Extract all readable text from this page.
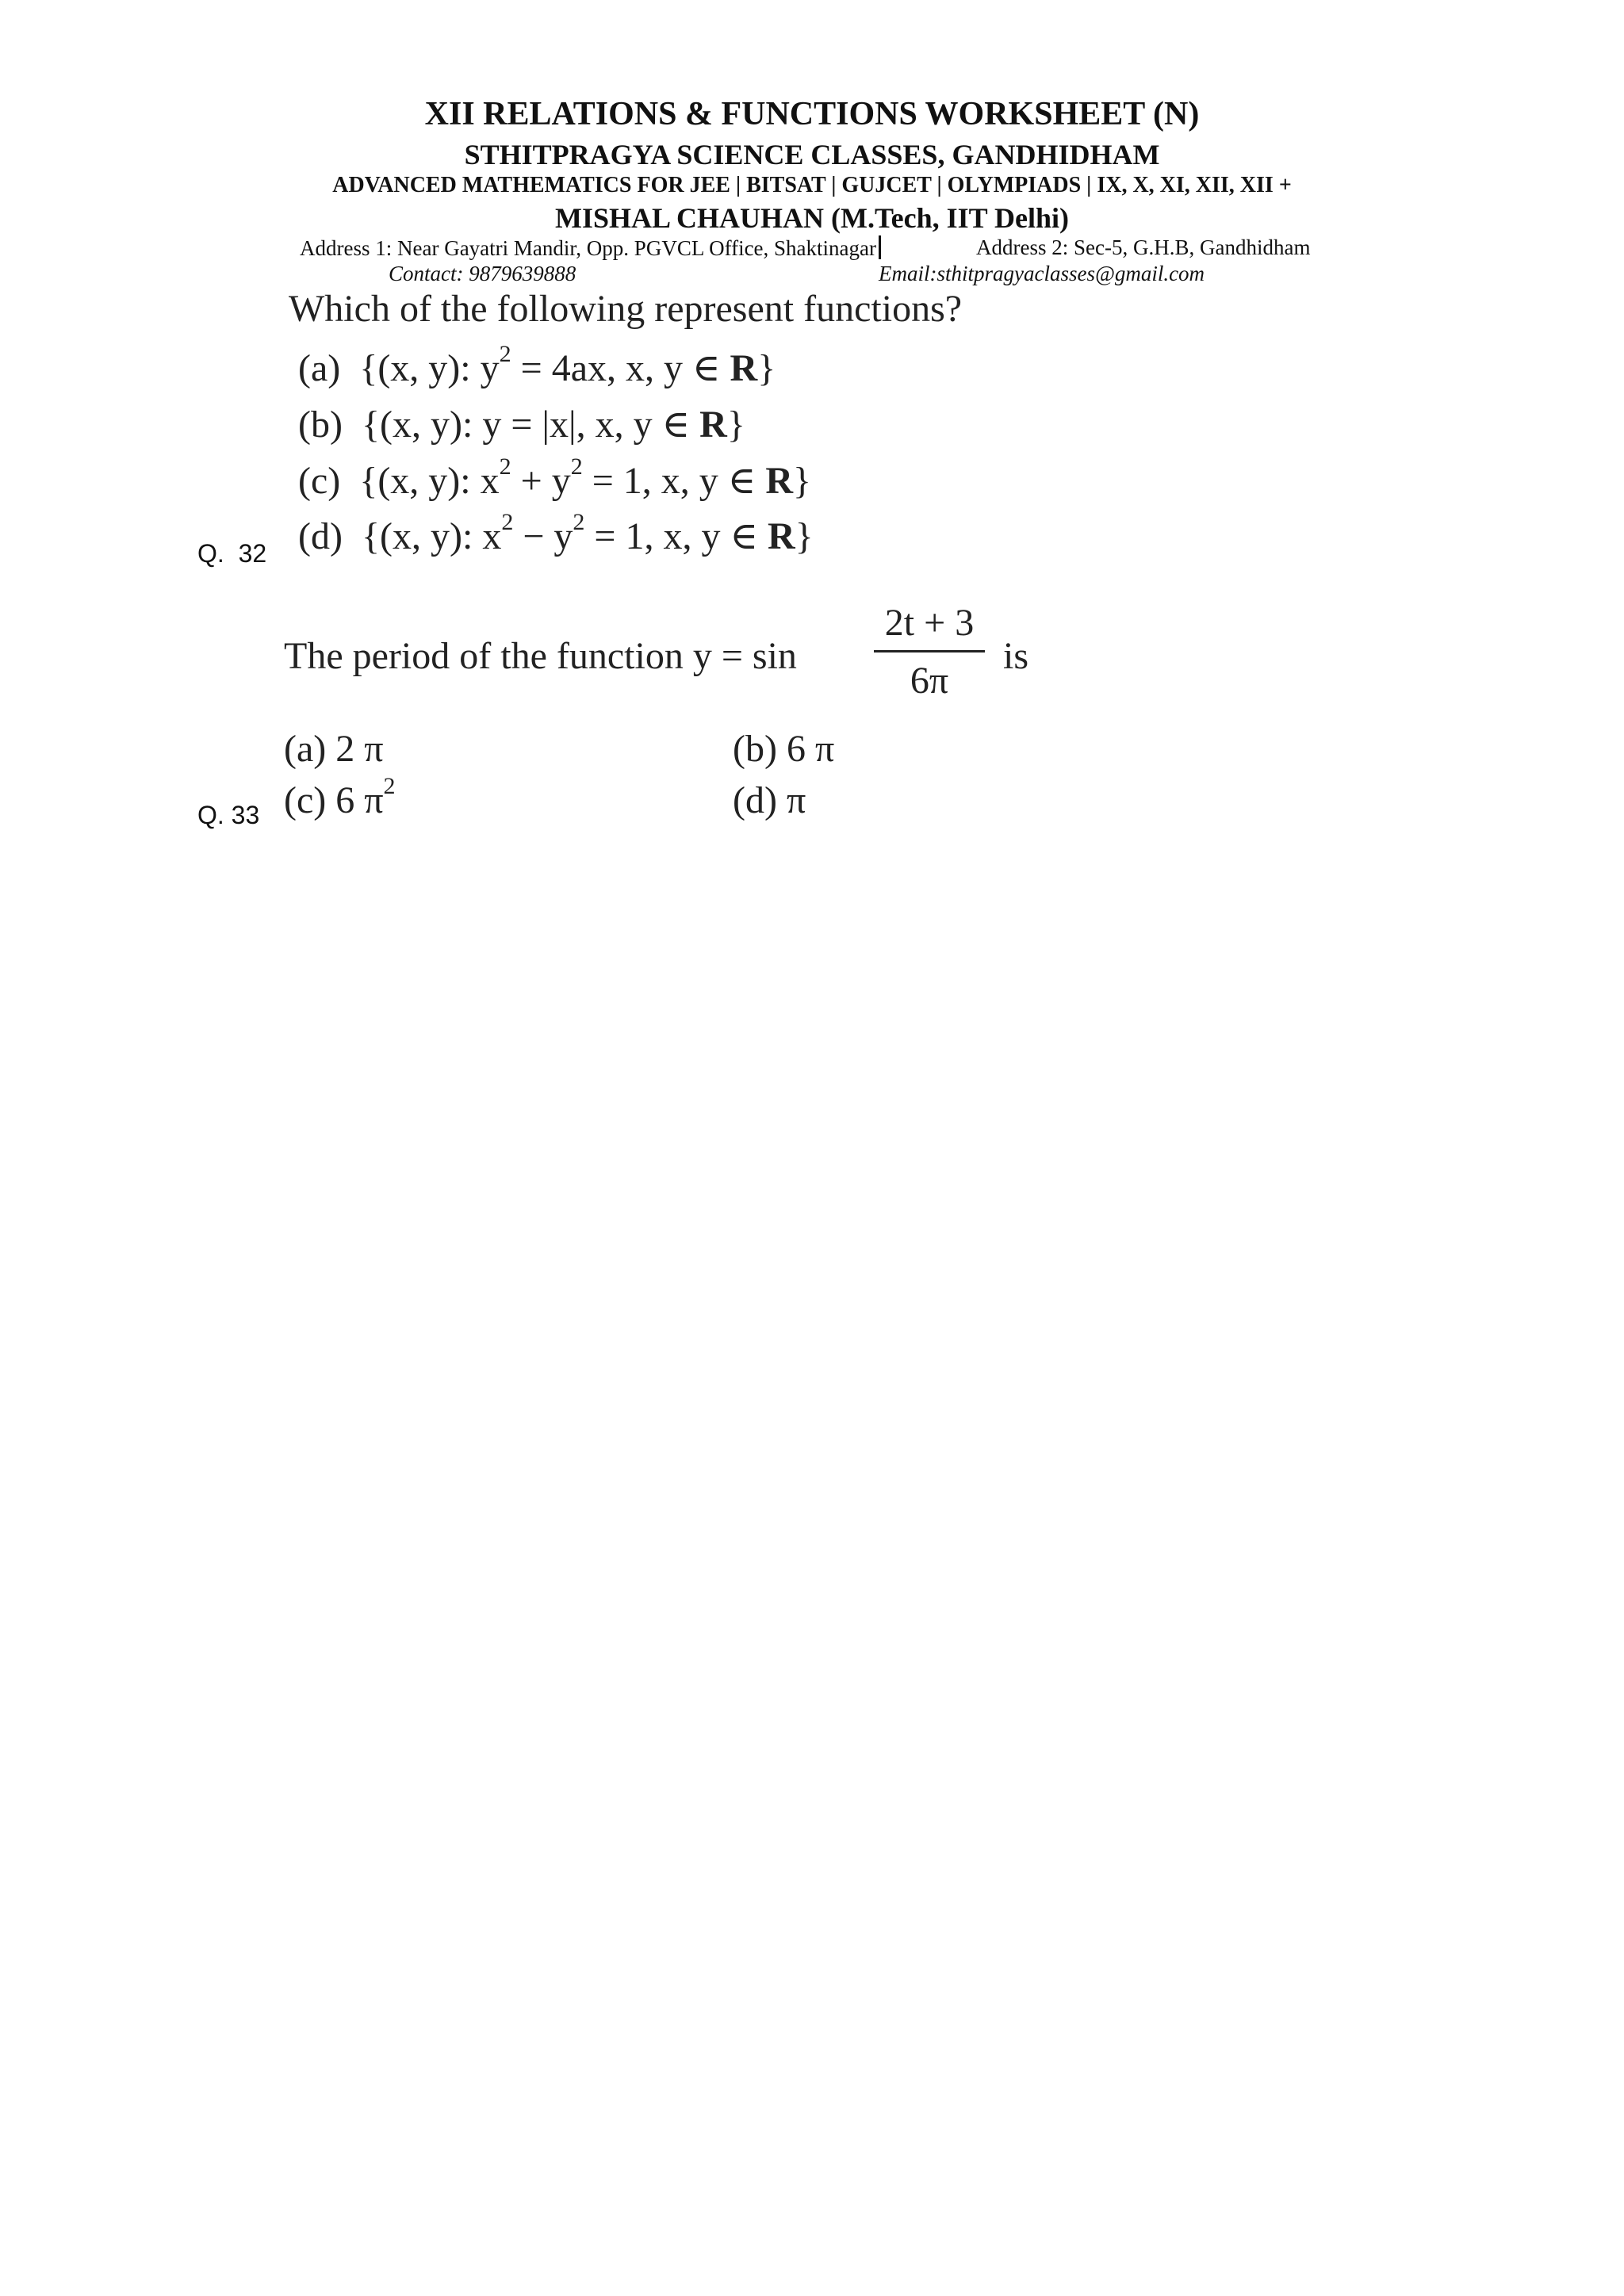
XII RELATIONS & FUNCTIONS WORKSHEET (N)
STHITPRAGYA SCIENCE CLASSES, GANDHIDHAM
ADVANCED MATHEMATICS FOR JEE | BITSAT | GUJCET | OLYMPIADS | IX, X, XI, XII, XII +
MISHAL CHAUHAN (M.Tech, IIT Delhi)
Address 1: Near Gayatri Mandir, Opp. PGVCL Office, Shaktinagar	Address 2: Sec-5, G.H.B, Gandhidham
Contact: 9879639888	Email:sthitpragyaclasses@gmail.com
Q.  32
Which of the following represent functions?
(a) {(x, y): $y^2 = 4ax$, x, y ∈ R}
(b) {(x, y): y = |x|, x, y ∈ R}
(c) {(x, y): $x^2 + y^2 = 1$, x, y ∈ R}
(d) {(x, y): $x^2 - y^2 = 1$, x, y ∈ R}
Q. 33
The period of the function y = sin
2t + 3
6π
is
(a) 2 π	(b) 6 π
(c) 6 $\pi^2$	(d) π
